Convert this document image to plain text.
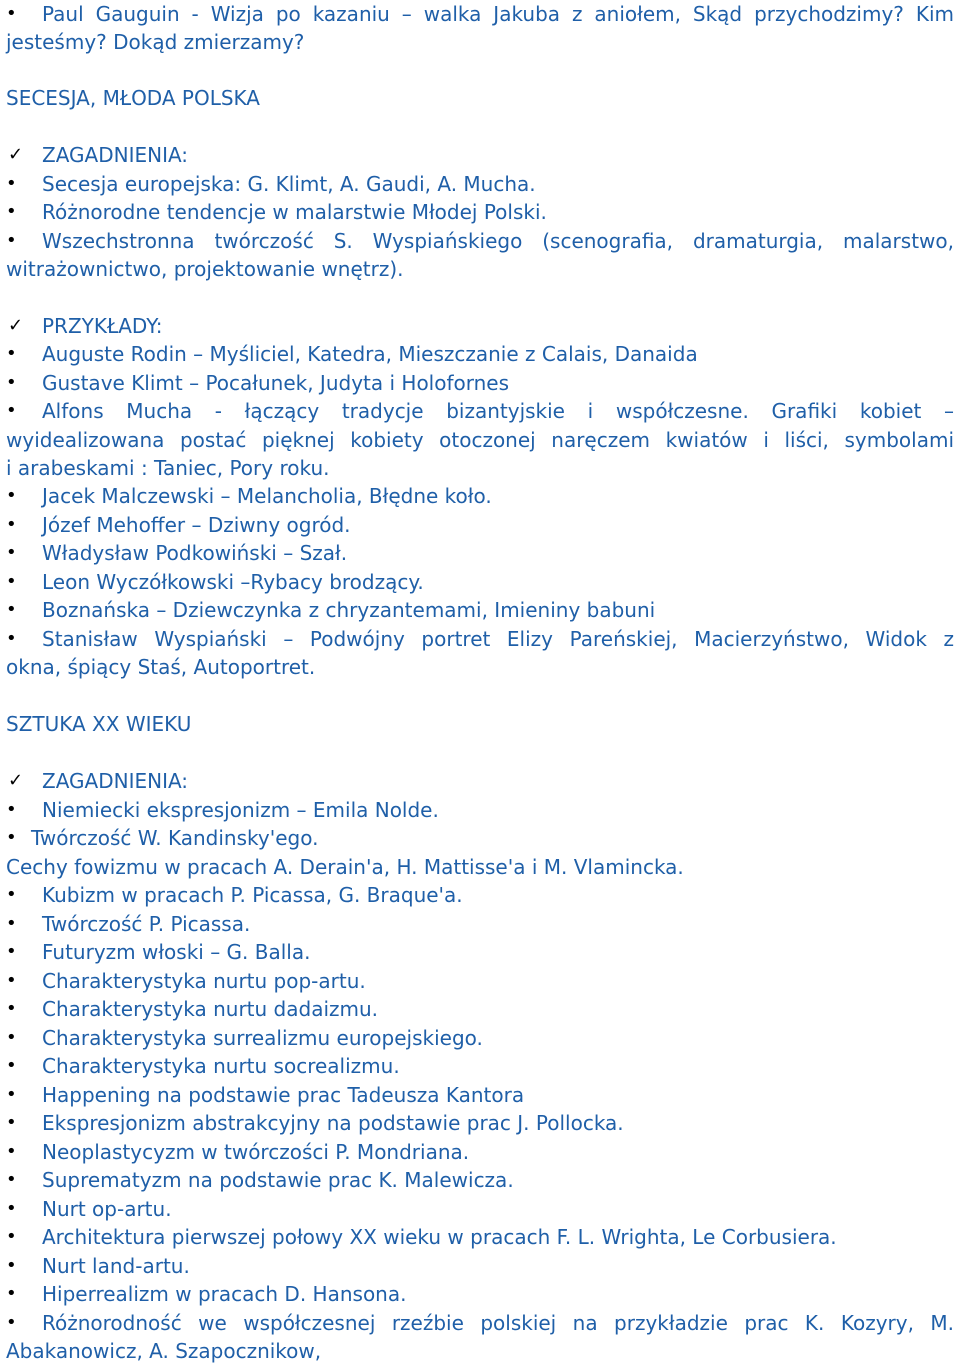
•	Paul Gauguin - Wizja po kazaniu – walka Jakuba z aniołem, Skąd przychodzimy? Kim
jesteśmy? Dokąd zmierzamy?
SECESJA, MŁODA POLSKA
✓ ZAGADNIENIA:
•	Secesja europejska: G. Klimt, A. Gaudi, A. Mucha.
•	Różnorodne tendencje w malarstwie Młodej Polski.
•	Wszechstronna twórczość S. Wyspiańskiego (scenografia, dramaturgia, malarstwo,
witrażownictwo, projektowanie wnętrz).
✓ PRZYKŁADY:
•	Auguste Rodin – Myśliciel, Katedra, Mieszczanie z Calais, Danaida
•	Gustave Klimt – Pocałunek, Judyta i Holofornes
•	Alfons Mucha - łączący tradycje bizantyjskie i współczesne. Grafiki kobiet –
wyidealizowana postać pięknej kobiety otoczonej naręczem kwiatów i liści, symbolami
i arabeskami : Taniec, Pory roku.
•	Jacek Malczewski – Melancholia, Błędne koło.
•	Józef Mehoffer – Dziwny ogród.
•	Władysław Podkowiński – Szał.
•	Leon Wyczółkowski –Rybacy brodzący.
•	Boznańska – Dziewczynka z chryzantemami, Imieniny babuni
•	Stanisław Wyspiański – Podwójny portret Elizy Pareńskiej, Macierzyństwo, Widok z
okna, śpiący Staś, Autoportret.
SZTUKA XX WIEKU
✓ ZAGADNIENIA:
•	Niemiecki ekspresjonizm – Emila Nolde.
• Twórczość W. Kandinsky'ego.
Cechy fowizmu w pracach A. Derain'a, H. Mattisse'a i M. Vlamincka.
•	Kubizm w pracach P. Picassa, G. Braque'a.
•	Twórczość P. Picassa.
•	Futuryzm włoski – G. Balla.
•	Charakterystyka nurtu pop-artu.
•	Charakterystyka nurtu dadaizmu.
•	Charakterystyka surrealizmu europejskiego.
•	Charakterystyka nurtu socrealizmu.
•	Happening na podstawie prac Tadeusza Kantora
•	Ekspresjonizm abstrakcyjny na podstawie prac J. Pollocka.
•	Neoplastycyzm w twórczości P. Mondriana.
•	Suprematyzm na podstawie prac K. Malewicza.
•	Nurt op-artu.
•	Architektura pierwszej połowy XX wieku w pracach F. L. Wrighta, Le Corbusiera.
•	Nurt land-artu.
•	Hiperrealizm w pracach D. Hansona.
•	Różnorodność we współczesnej rzeźbie polskiej na przykładzie prac K. Kozyry, M.
Abakanowicz, A. Szapocznikow,
